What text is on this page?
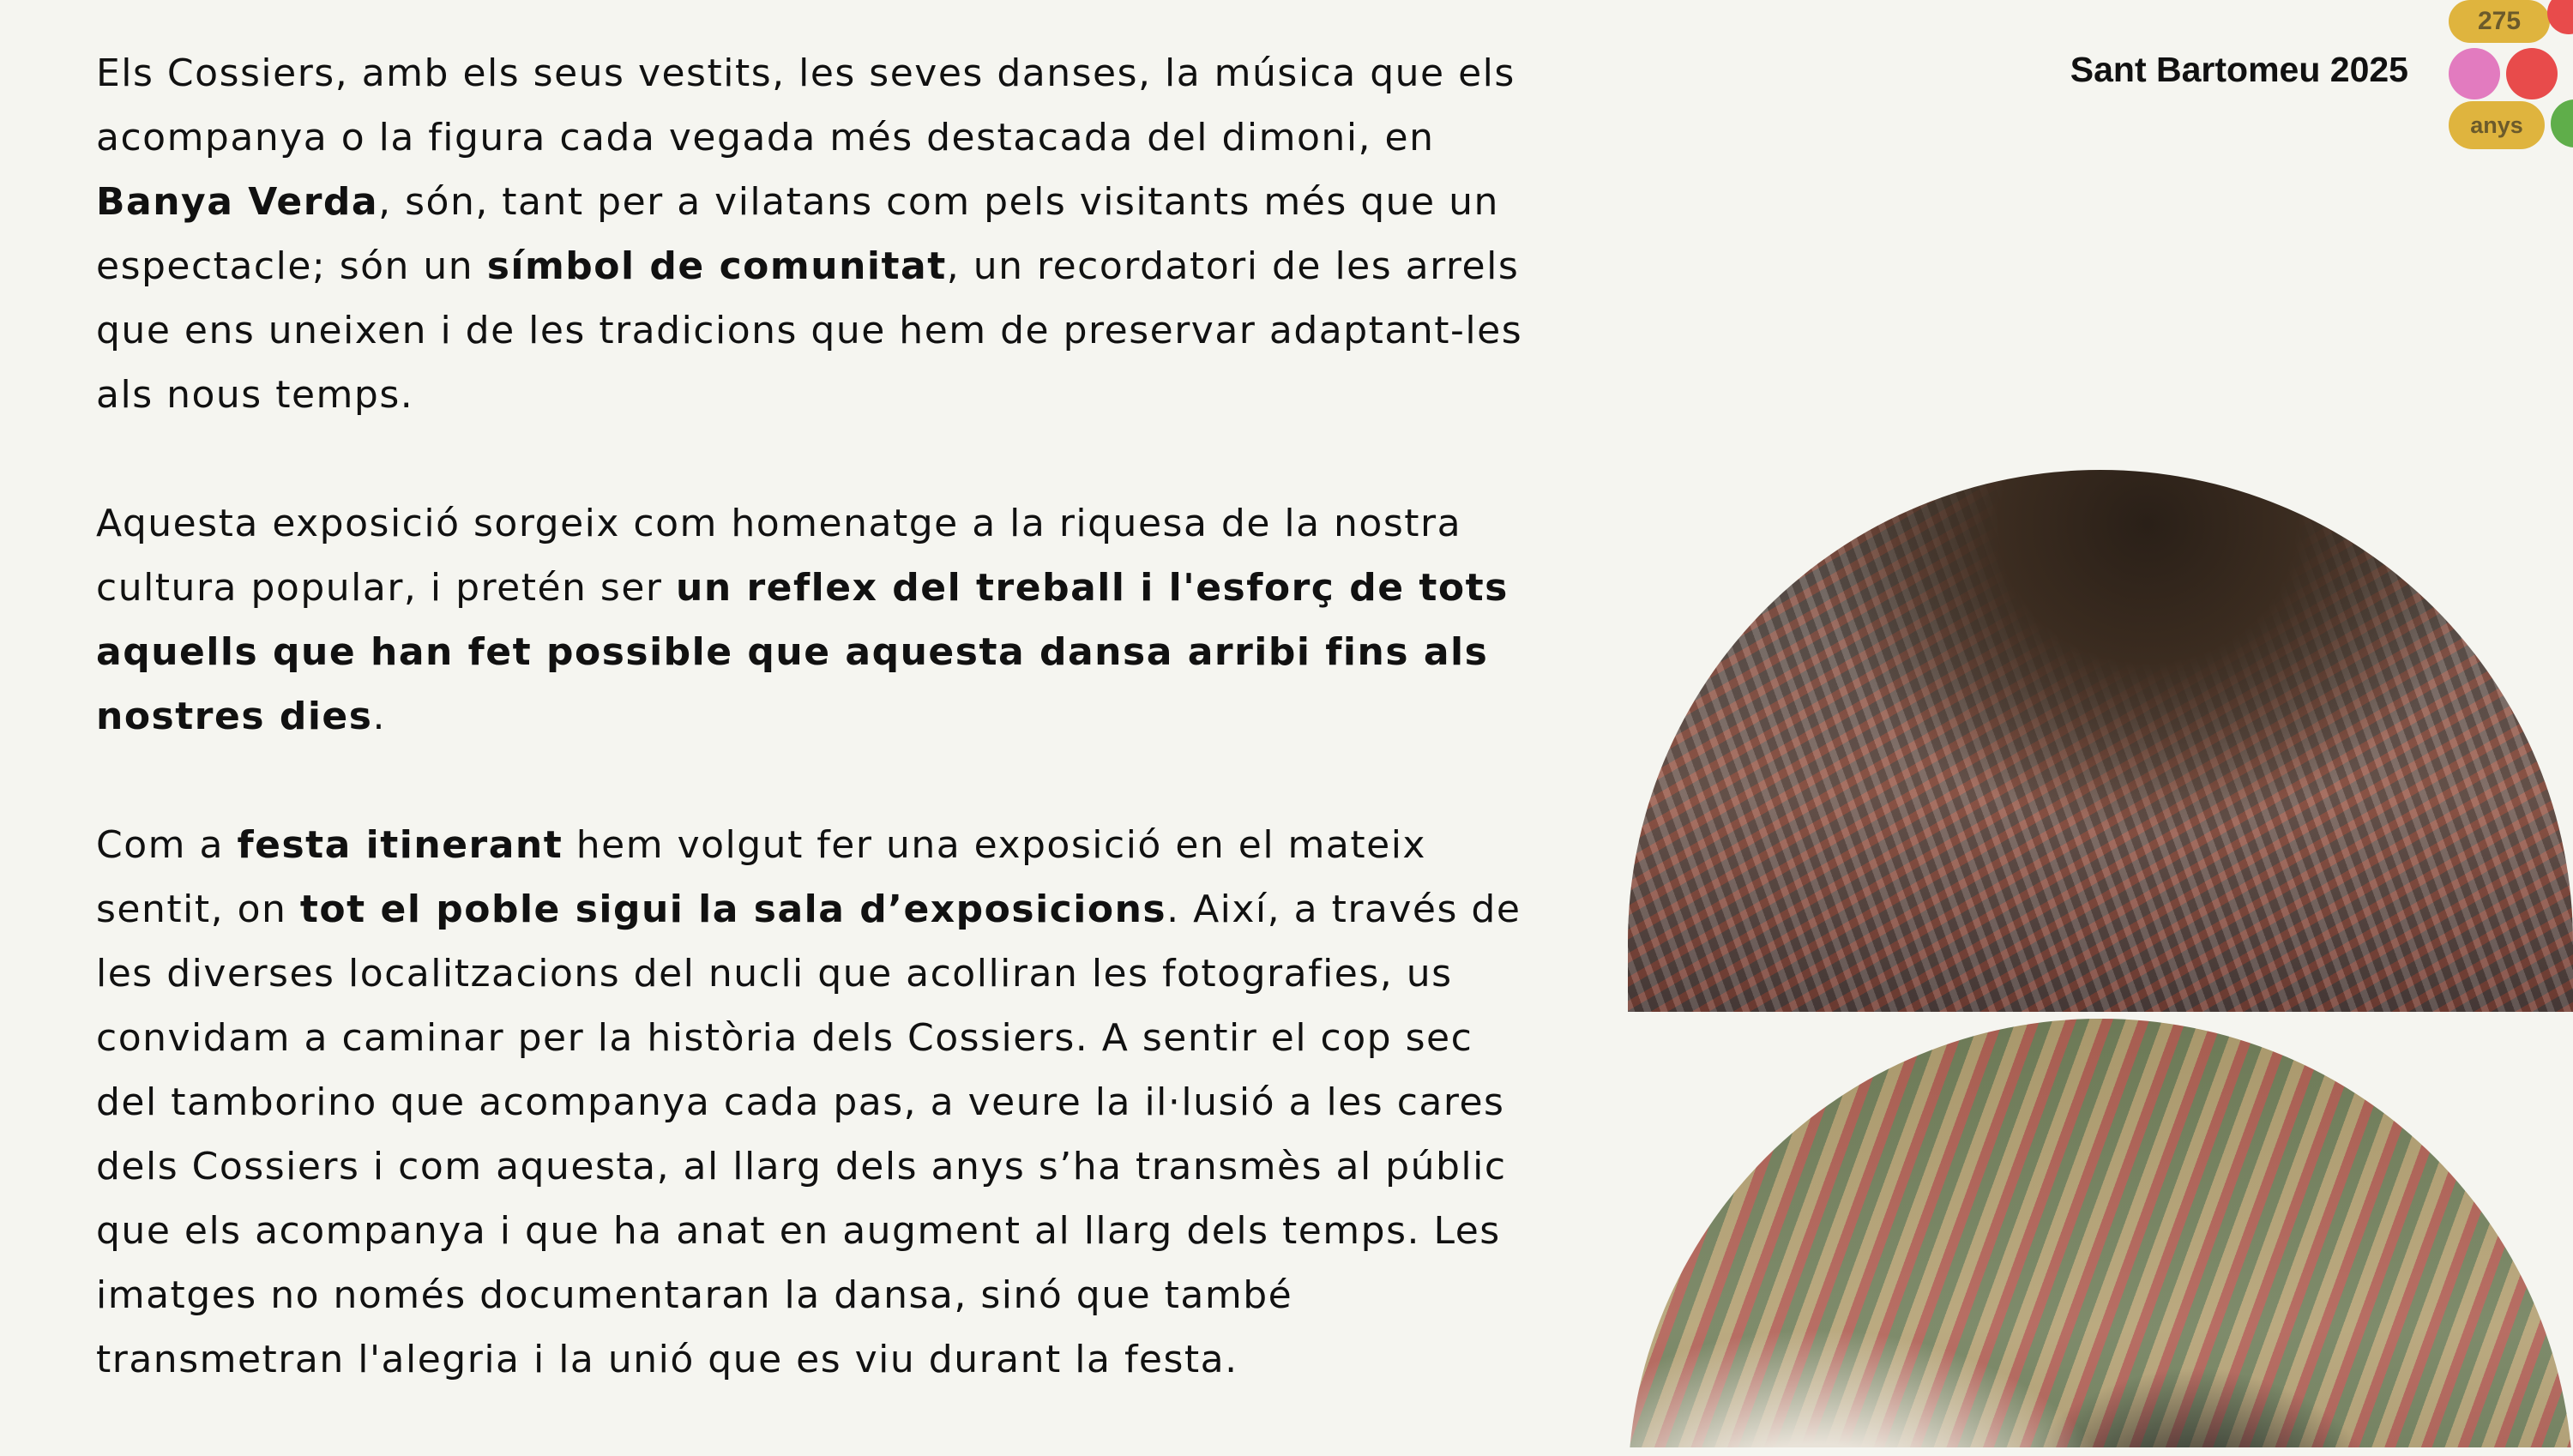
Els Cossiers, amb els seus vestits, les seves danses, la música que els acompanya o la figura cada vegada més destacada del dimoni, en Banya Verda, són, tant per a vilatans com pels visitants més que un espectacle; són un símbol de comunitat, un recordatori de les arrels que ens uneixen i de les tradicions que hem de preservar adaptant-les als nous temps.

Aquesta exposició sorgeix com homenatge a la riquesa de la nostra cultura popular, i pretén ser un reflex del treball i l'esforç de tots aquells que han fet possible que aquesta dansa arribi fins als nostres dies.

Com a festa itinerant hem volgut fer una exposició en el mateix sentit, on tot el poble sigui la sala d’exposicions. Així, a través de les diverses localitzacions del nucli que acolliran les fotografies, us convidam a caminar per la història dels Cossiers. A sentir el cop sec del tamborino que acompanya cada pas, a veure la il·lusió a les cares dels Cossiers i com aquesta, al llarg dels anys s’ha transmès al públic que els acompanya i que ha anat en augment al llarg dels temps. Les imatges no només documentaran la dansa, sinó que també transmetran l'alegria i la unió que es viu durant la festa.

Sant Bartomeu 2025
275
anys
